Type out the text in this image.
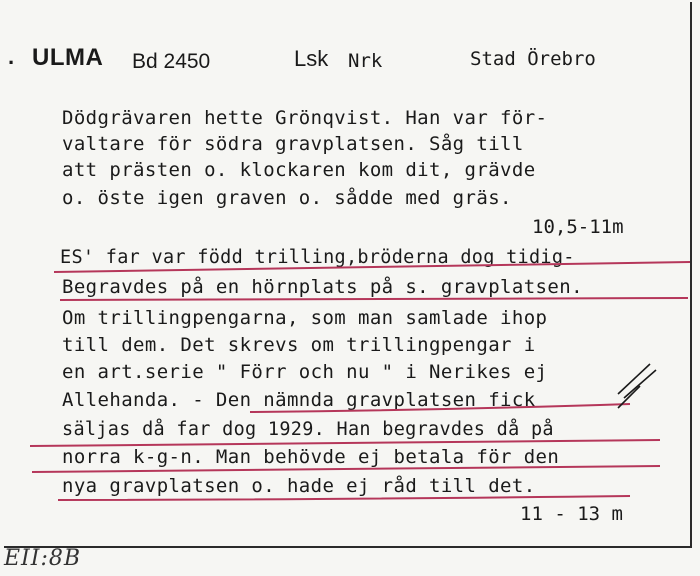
· ULMA Bd 2450	Lsk Nrk	Stad Örebro
Dödgrävaren hette Grönqvist. Han var för-
valtare för södra gravplatsen. Såg till
att prästen o. klockaren kom dit, grävde
o. öste igen graven o. sådde med gräs.
10,5-11m
ES' far var född trilling,bröderna dog tidig-
Begravdes på en hörnplats på s. gravplatsen.
Om trillingpengarna, som man samlade ihop
till dem. Det skrevs om trillingpengar i
en art.serie " Förr och nu " i Nerikes ej
Allehanda. - Den nämnda gravplatsen fick
säljas då far dog 1929. Han begravdes då på
norra k-g-n. Man behövde ej betala för den
nya gravplatsen o. hade ej råd till det.
11 - 13 m
EII:8B
